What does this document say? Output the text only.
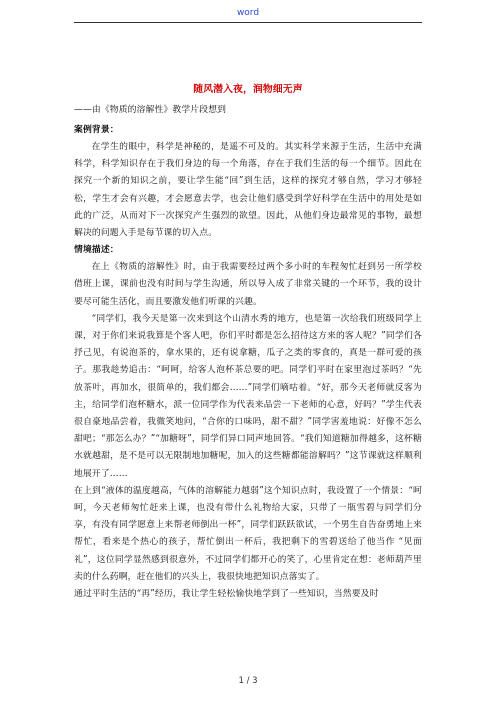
word

随风潜入夜，润物细无声

——由《物质的溶解性》教学片段想到

案例背景：

在学生的眼中，科学是神秘的，是遥不可及的。其实科学来源于生活，生活中充满科学，科学知识存在于我们身边的每一个角落，存在于我们生活的每一个细节。因此在探究一个新的知识之前，要让学生能“回”到生活，这样的探究才够自然，学习才够轻松，学生才会有兴趣，才会愿意去学，也会让他们感受到学好科学在生活中的用处是如此的广泛，从而对下一次探究产生强烈的欲望。因此，从他们身边最常见的事物，最想解决的问题入手是每节课的切入点。

情境描述：

在上《物质的溶解性》时，由于我需要经过两个多小时的车程匆忙赶到另一所学校借班上课，课前也没有时间与学生沟通，所以导入成了非常关键的一个环节，我的设计要尽可能生活化，而且要激发他们听课的兴趣。

“同学们，我今天是第一次来到这个山清水秀的地方，也是第一次给我们班级同学上课，对于你们来说我算是个客人吧，你们平时都是怎么招待这方来的客人呢？”同学们各抒己见，有说泡茶的，拿水果的，还有说拿糖，瓜子之类的零食的，真是一群可爱的孩子。那我趁势追击：“呵呵，给客人泡杯茶总要的吧。同学们平时在家里泡过茶吗？“先放茶叶，再加水，很简单的，我们都会……”同学们嘀咕着。“好，那今天老师就反客为主，给同学们泡杯糖水，派一位同学作为代表来品尝一下老师的心意，好吗？”学生代表很自豪地品尝着，我微笑地问，“合你的口味吗，甜不甜？”同学害羞地说：好像不怎么甜吧；“那怎么办？”“加糖呀”，同学们异口同声地回答。“我们知道糖加得越多，这杯糖水就越甜，是不是可以无限制地加糖呢，加入的这些糖都能溶解吗？”这节课就这样顺利地展开了……

在上到“液体的温度越高，气体的溶解能力越弱”这个知识点时，我设置了一个情景：“呵呵，今天老师匆忙赶来上课，也没有带什么礼物给大家，只带了一瓶雪碧与同学们分享，有没有同学愿意上来帮老师倒出一杯”，同学们跃跃欲试，一个男生自告奋勇地上来帮忙，看来是个热心的孩子，帮忙倒出一杯后，我把剩下的雪碧送给了他当作 “见面礼”，这位同学显然感到很意外，不过同学们都开心的笑了，心里肯定在想：老师葫芦里卖的什么药啊，赶在他们的兴头上，我很快地把知识点落实了。

通过平时生活的“再”经历，我让学生轻松愉快地学到了一些知识，当然要及时

1 / 3
